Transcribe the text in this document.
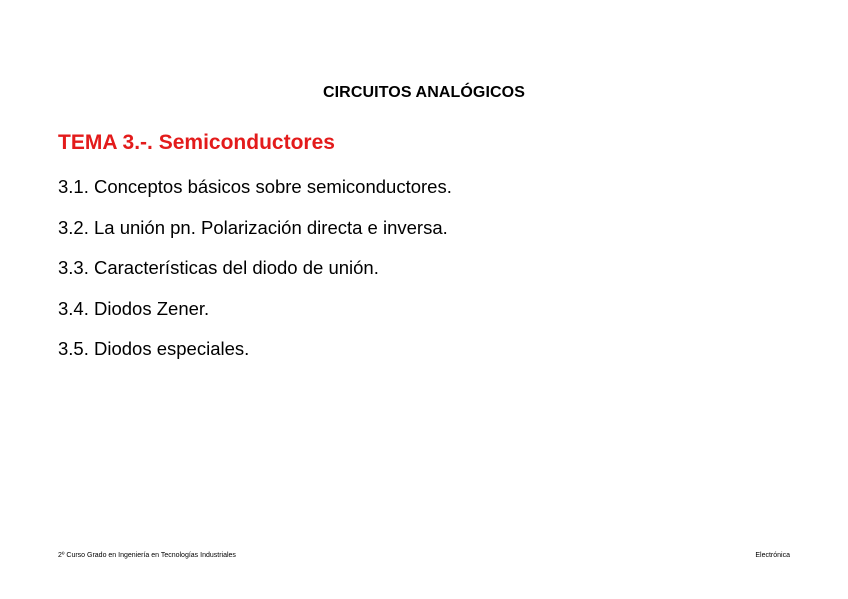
CIRCUITOS ANALÓGICOS
TEMA 3.-. Semiconductores
3.1. Conceptos básicos sobre semiconductores.
3.2. La unión pn. Polarización directa e inversa.
3.3. Características del diodo de unión.
3.4. Diodos Zener.
3.5. Diodos especiales.
2º Curso Grado en Ingeniería en Tecnologías Industriales	Electrónica
